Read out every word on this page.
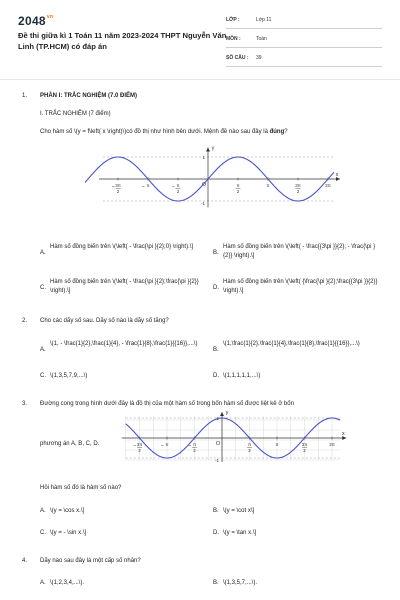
$2048^{vn}$
Đề thi giữa kì 1 Toán 11 năm 2023-2024 THPT Nguyễn Văn Linh (TP.HCM) có đáp án
LỚP :	Lớp 11
MÔN :	Toán
SỐ CÂU : 39
1. PHẦN I: TRẮC NGHIỆM (7.0 ĐIỂM)
I. TRẮC NGHIỆM (7 điểm)
Cho hàm số \(y = f\left( x \right)\)có đồ thị như hình bên dưới. Mệnh đề nào sau đây là đúng?
x
y
O
1
-1
3π
2
π	π
2
π
2
π	3π
2
2π
A.
Hàm số đồng biến trên \(\left( - \frac{\pi }{2};0} \right).\]
B.
Hàm số đồng biến trên \(\left( - \frac{{3\pi }}{2}; - \frac{\pi }{2}} \right).\]
C.
Hàm số đồng biến trên \(\left( - \frac{\pi }{2};\frac{\pi }{2}} \right).\]	D.
Hàm số đồng biến trên \(\left( {\frac{\pi }{2};\frac{{3\pi }}{2}} \right).\]
2. Cho các dãy số sau. Dãy số nào là dãy số tăng?
A.
\(1, - \frac{1}{2},\frac{1}{4}, - \frac{1}{8},\frac{1}{{16}},...\)
B.
\(1,\frac{1}{2},\frac{1}{4},\frac{1}{8},\frac{1}{{16}},...\)
C. \(1,3,5,7,9,...\)	D. \(1,1,1,1,1,...\)
3. Đường cong trong hình dưới đây là đồ thị của một hàm số trong bốn hàm số được liệt kê ở bốn
phương án A, B, C, D.
x
y
O
1
-1
3π
2
π	π
2
π
2
π	3π
2
2π
Hỏi hàm số đó là hàm số nào?
A. \(y = \cos x.\]	B. \(y = \cot x\]
C. \(y = - \sin x.\]	D. \(y = \tan x.\]
4. Dãy nào sau đây là một cấp số nhân?
A. \(1,2,3,4,...\).	B. \(1,3,5,7,...\).
